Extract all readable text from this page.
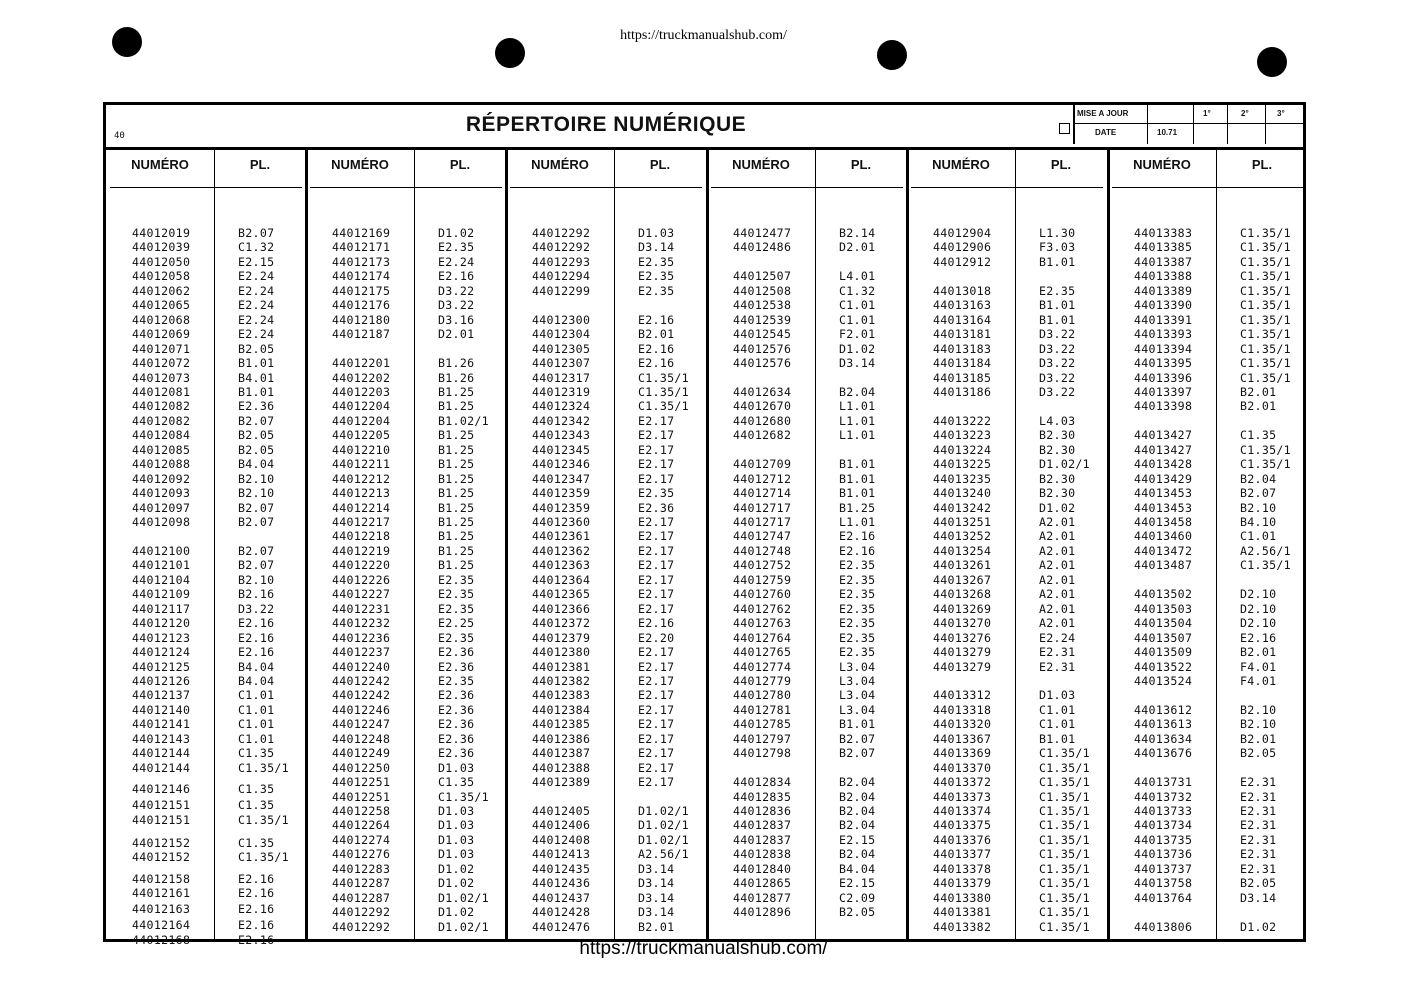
https://truckmanualshub.com/
40	RÉPERTOIRE NUMÉRIQUE	MISE A JOUR
DATE	10.71
1°	2°	3°
NUMÉRO	PL.
44012019	B2.07
44012039	C1.32
44012050	E2.15
44012058	E2.24
44012062	E2.24
44012065	E2.24
44012068	E2.24
44012069	E2.24
44012071	B2.05
44012072	B1.01
44012073	B4.01
44012081	B1.01
44012082	E2.36
44012082	B2.07
44012084	B2.05
44012085	B2.05
44012088	B4.04
44012092	B2.10
44012093	B2.10
44012097	B2.07
44012098	B2.07
44012100	B2.07
44012101	B2.07
44012104	B2.10
44012109	B2.16
44012117	D3.22
44012120	E2.16
44012123	E2.16
44012124	E2.16
44012125	B4.04
44012126	B4.04
44012137	C1.01
44012140	C1.01
44012141	C1.01
44012143	C1.01
44012144	C1.35
44012144	C1.35/1
44012146	C1.35
44012151	C1.35
44012151	C1.35/1
44012152	C1.35
44012152	C1.35/1
44012158	E2.16
44012161	E2.16
44012163	E2.16
44012164	E2.16
44012168	E2.16
NUMÉRO	PL.
44012169	D1.02
44012171	E2.35
44012173	E2.24
44012174	E2.16
44012175	D3.22
44012176	D3.22
44012180	D3.16
44012187	D2.01
44012201	B1.26
44012202	B1.26
44012203	B1.25
44012204	B1.25
44012204	B1.02/1
44012205	B1.25
44012210	B1.25
44012211	B1.25
44012212	B1.25
44012213	B1.25
44012214	B1.25
44012217	B1.25
44012218	B1.25
44012219	B1.25
44012220	B1.25
44012226	E2.35
44012227	E2.35
44012231	E2.35
44012232	E2.25
44012236	E2.35
44012237	E2.36
44012240	E2.36
44012242	E2.35
44012242	E2.36
44012246	E2.36
44012247	E2.36
44012248	E2.36
44012249	E2.36
44012250	D1.03
44012251	C1.35
44012251	C1.35/1
44012258	D1.03
44012264	D1.03
44012274	D1.03
44012276	D1.03
44012283	D1.02
44012287	D1.02
44012287	D1.02/1
44012292	D1.02
44012292	D1.02/1
NUMÉRO	PL.
44012292	D1.03
44012292	D3.14
44012293	E2.35
44012294	E2.35
44012299	E2.35
44012300	E2.16
44012304	B2.01
44012305	E2.16
44012307	E2.16
44012317	C1.35/1
44012319	C1.35/1
44012324	C1.35/1
44012342	E2.17
44012343	E2.17
44012345	E2.17
44012346	E2.17
44012347	E2.17
44012359	E2.35
44012359	E2.36
44012360	E2.17
44012361	E2.17
44012362	E2.17
44012363	E2.17
44012364	E2.17
44012365	E2.17
44012366	E2.17
44012372	E2.16
44012379	E2.20
44012380	E2.17
44012381	E2.17
44012382	E2.17
44012383	E2.17
44012384	E2.17
44012385	E2.17
44012386	E2.17
44012387	E2.17
44012388	E2.17
44012389	E2.17
44012405	D1.02/1
44012406	D1.02/1
44012408	D1.02/1
44012413	A2.56/1
44012435	D3.14
44012436	D3.14
44012437	D3.14
44012428	D3.14
44012476	B2.01
NUMÉRO	PL.
44012477	B2.14
44012486	D2.01
44012507	L4.01
44012508	C1.32
44012538	C1.01
44012539	C1.01
44012545	F2.01
44012576	D1.02
44012576	D3.14
44012634	B2.04
44012670	L1.01
44012680	L1.01
44012682	L1.01
44012709	B1.01
44012712	B1.01
44012714	B1.01
44012717	B1.25
44012717	L1.01
44012747	E2.16
44012748	E2.16
44012752	E2.35
44012759	E2.35
44012760	E2.35
44012762	E2.35
44012763	E2.35
44012764	E2.35
44012765	E2.35
44012774	L3.04
44012779	L3.04
44012780	L3.04
44012781	L3.04
44012785	B1.01
44012797	B2.07
44012798	B2.07
44012834	B2.04
44012835	B2.04
44012836	B2.04
44012837	B2.04
44012837	E2.15
44012838	B2.04
44012840	B4.04
44012865	E2.15
44012877	C2.09
44012896	B2.05
NUMÉRO	PL.
44012904	L1.30
44012906	F3.03
44012912	B1.01
44013018	E2.35
44013163	B1.01
44013164	B1.01
44013181	D3.22
44013183	D3.22
44013184	D3.22
44013185	D3.22
44013186	D3.22
44013222	L4.03
44013223	B2.30
44013224	B2.30
44013225	D1.02/1
44013235	B2.30
44013240	B2.30
44013242	D1.02
44013251	A2.01
44013252	A2.01
44013254	A2.01
44013261	A2.01
44013267	A2.01
44013268	A2.01
44013269	A2.01
44013270	A2.01
44013276	E2.24
44013279	E2.31
44013279	E2.31
44013312	D1.03
44013318	C1.01
44013320	C1.01
44013367	B1.01
44013369	C1.35/1
44013370	C1.35/1
44013372	C1.35/1
44013373	C1.35/1
44013374	C1.35/1
44013375	C1.35/1
44013376	C1.35/1
44013377	C1.35/1
44013378	C1.35/1
44013379	C1.35/1
44013380	C1.35/1
44013381	C1.35/1
44013382	C1.35/1
NUMÉRO	PL.
44013383	C1.35/1
44013385	C1.35/1
44013387	C1.35/1
44013388	C1.35/1
44013389	C1.35/1
44013390	C1.35/1
44013391	C1.35/1
44013393	C1.35/1
44013394	C1.35/1
44013395	C1.35/1
44013396	C1.35/1
44013397	B2.01
44013398	B2.01
44013427	C1.35
44013427	C1.35/1
44013428	C1.35/1
44013429	B2.04
44013453	B2.07
44013453	B2.10
44013458	B4.10
44013460	C1.01
44013472	A2.56/1
44013487	C1.35/1
44013502	D2.10
44013503	D2.10
44013504	D2.10
44013507	E2.16
44013509	B2.01
44013522	F4.01
44013524	F4.01
44013612	B2.10
44013613	B2.10
44013634	B2.01
44013676	B2.05
44013731	E2.31
44013732	E2.31
44013733	E2.31
44013734	E2.31
44013735	E2.31
44013736	E2.31
44013737	E2.31
44013758	B2.05
44013764	D3.14
44013806	D1.02
https://truckmanualshub.com/
